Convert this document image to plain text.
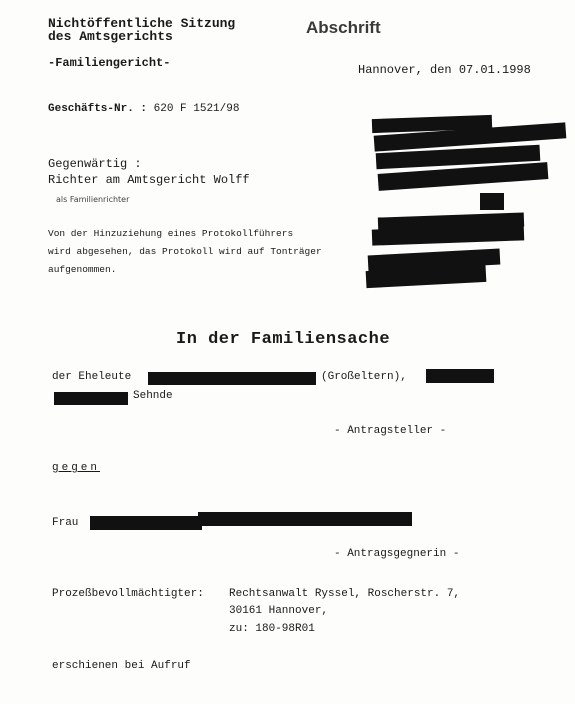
Nichtöffentliche Sitzung
des Amtsgerichts
-Familiengericht-
Abschrift
Hannover, den 07.01.1998
Geschäfts-Nr. : 620 F 1521/98
Gegenwärtig :
Richter am Amtsgericht Wolff
als Familienrichter
Von der Hinzuziehung eines Protokollführers
wird abgesehen, das Protokoll wird auf Tonträger
aufgenommen.
In der Familiensache
der Eheleute	(Großeltern),
Sehnde
- Antragsteller -
gegen
Frau
- Antragsgegnerin -
Prozeßbevollmächtigter: Rechtsanwalt Ryssel, Roscherstr. 7,
30161 Hannover,
zu: 180-98R01
erschienen bei Aufruf
